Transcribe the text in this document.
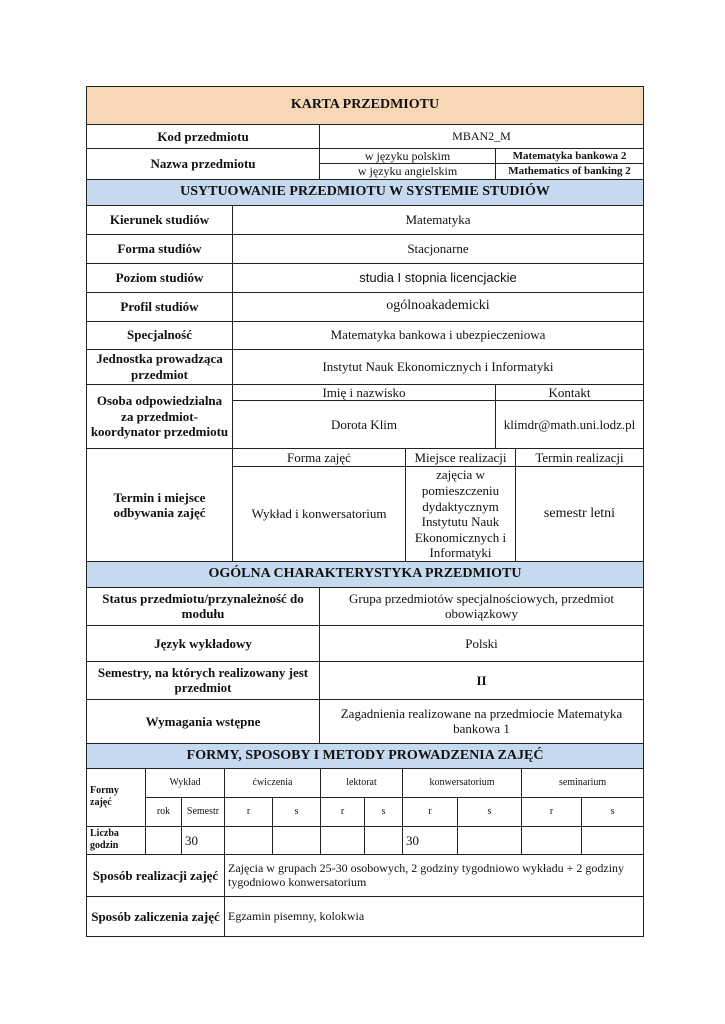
KARTA PRZEDMIOTU		
Kod przedmiotu	MBAN2_M	
Nazwa przedmiotu	w języku polskim	Matematyka bankowa 2
	w języku angielskim	Mathematics of banking 2
USYTUOWANIE PRZEDMIOTU W SYSTEMIE STUDIÓW				
Kierunek studiów	Matematyka			
Forma studiów	Stacjonarne			
Poziom studiów	studia I stopnia licencjackie			
Profil studiów	ogólnoakademicki			
Specjalność	Matematyka bankowa i ubezpieczeniowa			
Jednostka prowadząca przedmiot	Instytut Nauk Ekonomicznych i Informatyki			
Osoba odpowiedzialna za przedmiot- koordynator przedmiotu	Imię i nazwisko		Kontakt	
	Dorota Klim		klimdr@math.uni.lodz.pl	
Termin i miejsce odbywania zajęć	Forma zajęć	Miejsce realizacji		Termin realizacji
	Wykład i konwersatorium	zajęcia w pomieszczeniu dydaktycznym Instytutu Nauk Ekonomicznych i Informatyki		semestr letni
OGÓLNA CHARAKTERYSTYKA PRZEDMIOTU	
Status przedmiotu/przynależność do modułu	Grupa przedmiotów specjalnościowych, przedmiot obowiązkowy
Język wykładowy	Polski
Semestry, na których realizowany jest przedmiot	II
Wymagania wstępne	Zagadnienia realizowane na przedmiocie Matematyka bankowa 1
FORMY, SPOSOBY I METODY PROWADZENIA ZAJĘĆ										
Formy zajęć	Wykład		ćwiczenia		lektorat		konwersatorium		seminarium	
	rok	Semestr	r	s	r	s	r	s	r	s
Liczba godzin		30					30			
Sposób realizacji zajęć	Zajęcia w grupach 25-30 osobowych, 2 godziny tygodniowo wykładu + 2 godziny tygodniowo konwersatorium
Sposób zaliczenia zajęć	Egzamin pisemny, kolokwia
